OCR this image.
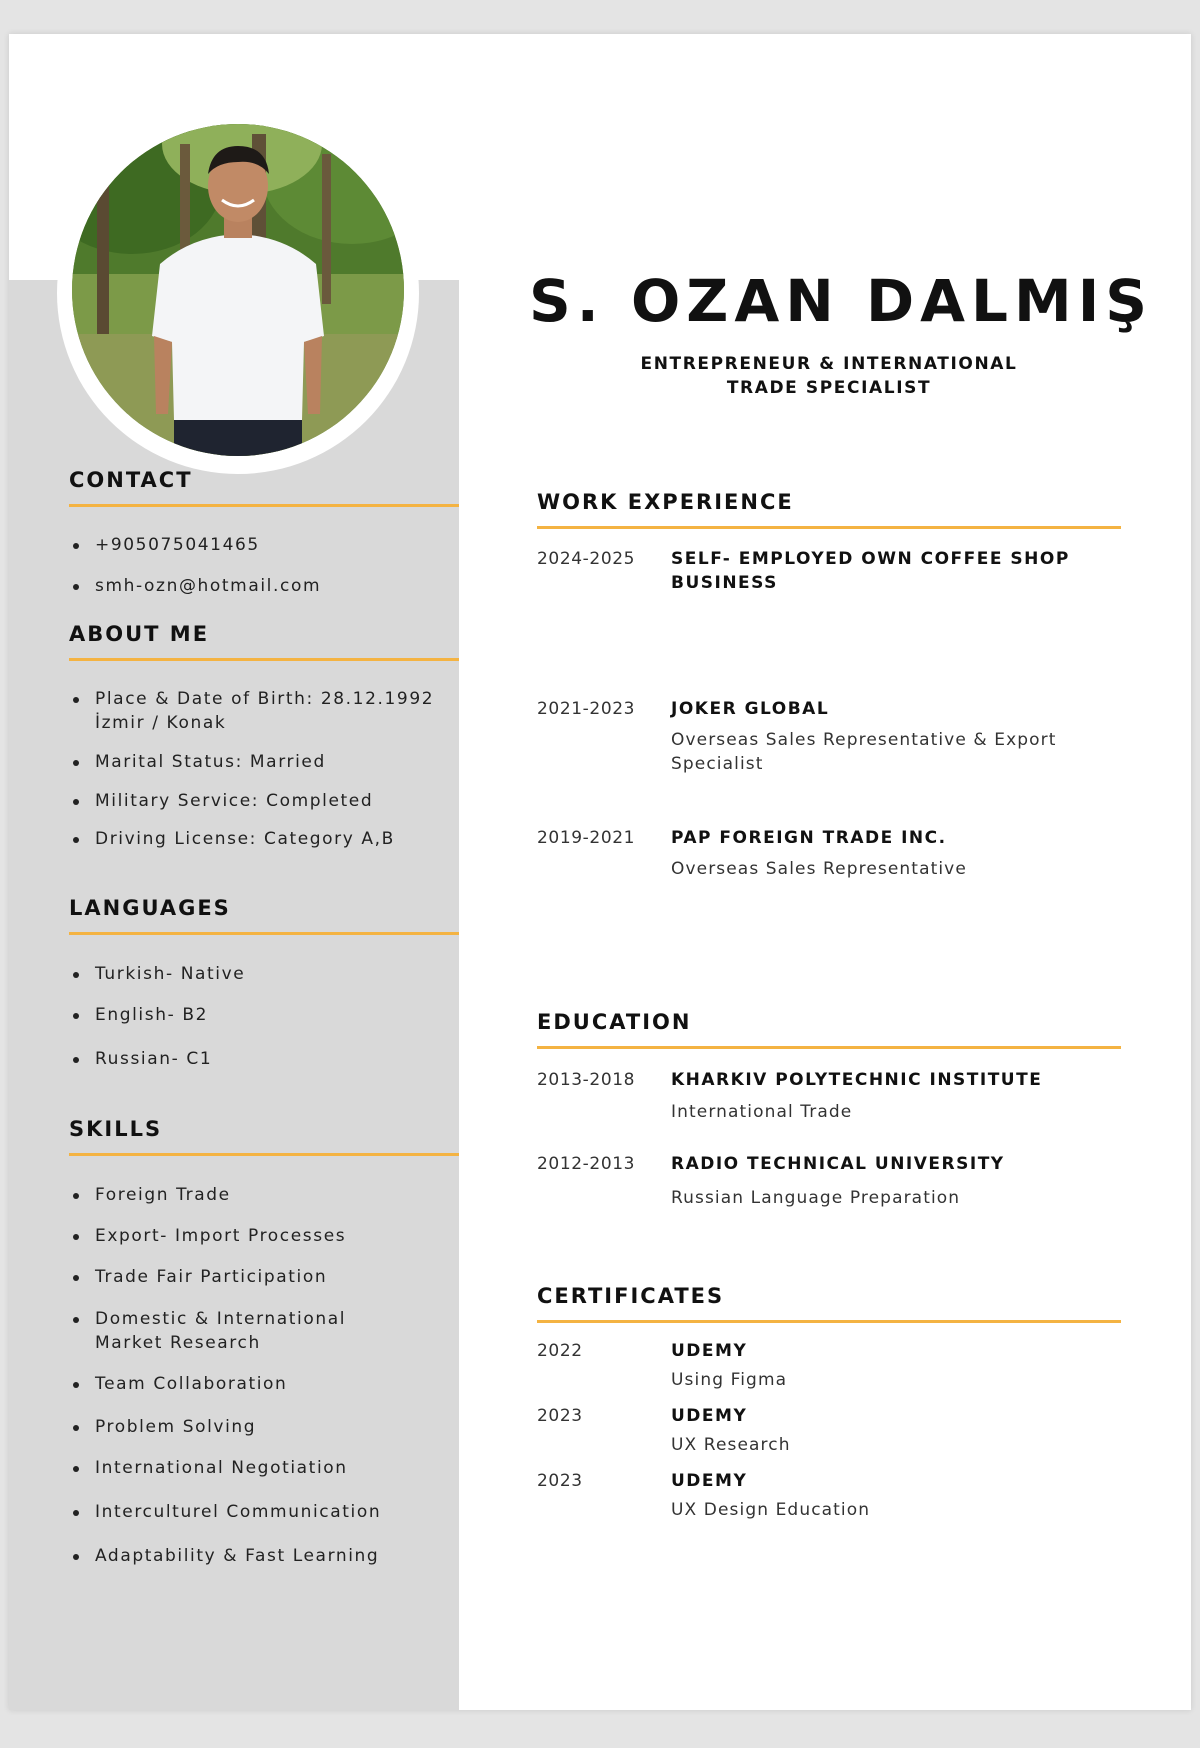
CONTACT
+905075041465
smh-ozn@hotmail.com
ABOUT ME
Place & Date of Birth: 28.12.1992
İzmir / Konak
Marital Status: Married
Military Service: Completed
Driving License: Category A,B
LANGUAGES
Turkish- Native
English- B2
Russian- C1
SKILLS
Foreign Trade
Export- Import Processes
Trade Fair Participation
Domestic & International
Market Research
Team Collaboration
Problem Solving
International Negotiation
Interculturel Communication
Adaptability & Fast Learning
S. OZAN DALMIŞ

ENTREPRENEUR & INTERNATIONAL
TRADE SPECIALIST

WORK EXPERIENCE
2024-2025	SELF- EMPLOYED OWN COFFEE SHOP
BUSINESS
2021-2023	JOKER GLOBAL
Overseas Sales Representative & Export
Specialist
2019-2021	PAP FOREIGN TRADE INC.
Overseas Sales Representative
EDUCATION
2013-2018	KHARKIV POLYTECHNIC INSTITUTE
International Trade
2012-2013	RADIO TECHNICAL UNIVERSITY
Russian Language Preparation
CERTIFICATES
2022	UDEMY
Using Figma
2023	UDEMY
UX Research
2023	UDEMY
UX Design Education
